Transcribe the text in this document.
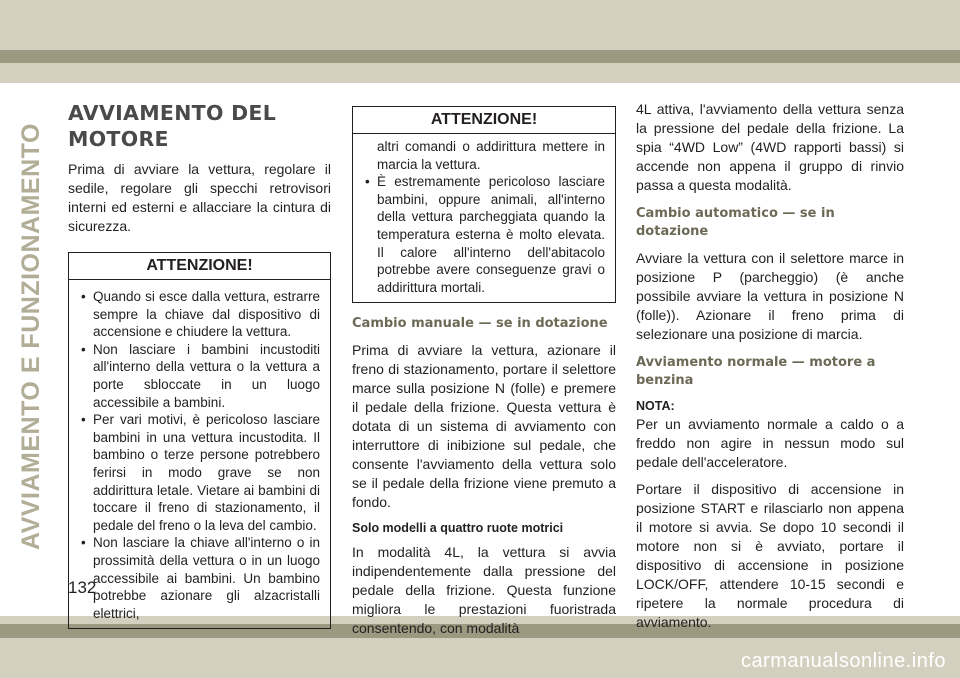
AVVIAMENTO E FUNZIONAMENTO
AVVIAMENTO DEL
MOTORE

Prima di avviare la vettura, regolare il sedile, regolare gli specchi retrovisori interni ed esterni e allacciare la cintura di sicurezza.

ATTENZIONE!
• Quando si esce dalla vettura, estrarre sempre la chiave dal dispositivo di accensione e chiudere la vettura.
• Non lasciare i bambini incustoditi all'interno della vettura o la vettura a porte sbloccate in un luogo accessibile a bambini.
• Per vari motivi, è pericoloso lasciare bambini in una vettura incustodita. Il bambino o terze persone potrebbero ferirsi in modo grave se non addirittura letale. Vietare ai bambini di toccare il freno di stazionamento, il pedale del freno o la leva del cambio.
• Non lasciare la chiave all'interno o in prossimità della vettura o in un luogo accessibile ai bambini. Un bambino potrebbe azionare gli alzacristalli elettrici,
ATTENZIONE!

altri comandi o addirittura mettere in marcia la vettura.

• È estremamente pericoloso lasciare bambini, oppure animali, all'interno della vettura parcheggiata quando la temperatura esterna è molto elevata. Il calore all'interno dell'abitacolo potrebbe avere conseguenze gravi o addirittura mortali.
Cambio manuale — se in dotazione

Prima di avviare la vettura, azionare il freno di stazionamento, portare il selettore marce sulla posizione N (folle) e premere il pedale della frizione. Questa vettura è dotata di un sistema di avviamento con interruttore di inibizione sul pedale, che consente l'avviamento della vettura solo se il pedale della frizione viene premuto a fondo.

Solo modelli a quattro ruote motrici

In modalità 4L, la vettura si avvia indipendentemente dalla pressione del pedale della frizione. Questa funzione migliora le prestazioni fuoristrada consentendo, con modalità

4L attiva, l'avviamento della vettura senza la pressione del pedale della frizione. La spia “4WD Low” (4WD rapporti bassi) si accende non appena il gruppo di rinvio passa a questa modalità.

Cambio automatico — se in dotazione

Avviare la vettura con il selettore marce in posizione P (parcheggio) (è anche possibile avviare la vettura in posizione N (folle)). Azionare il freno prima di selezionare una posizione di marcia.

Avviamento normale — motore a benzina
NOTA:

Per un avviamento normale a caldo o a freddo non agire in nessun modo sul pedale dell'acceleratore.

Portare il dispositivo di accensione in posizione START e rilasciarlo non appena il motore si avvia. Se dopo 10 secondi il motore non si è avviato, portare il dispositivo di accensione in posizione LOCK/OFF, attendere 10-15 secondi e ripetere la normale procedura di avviamento.

132
carmanualsonline.info
